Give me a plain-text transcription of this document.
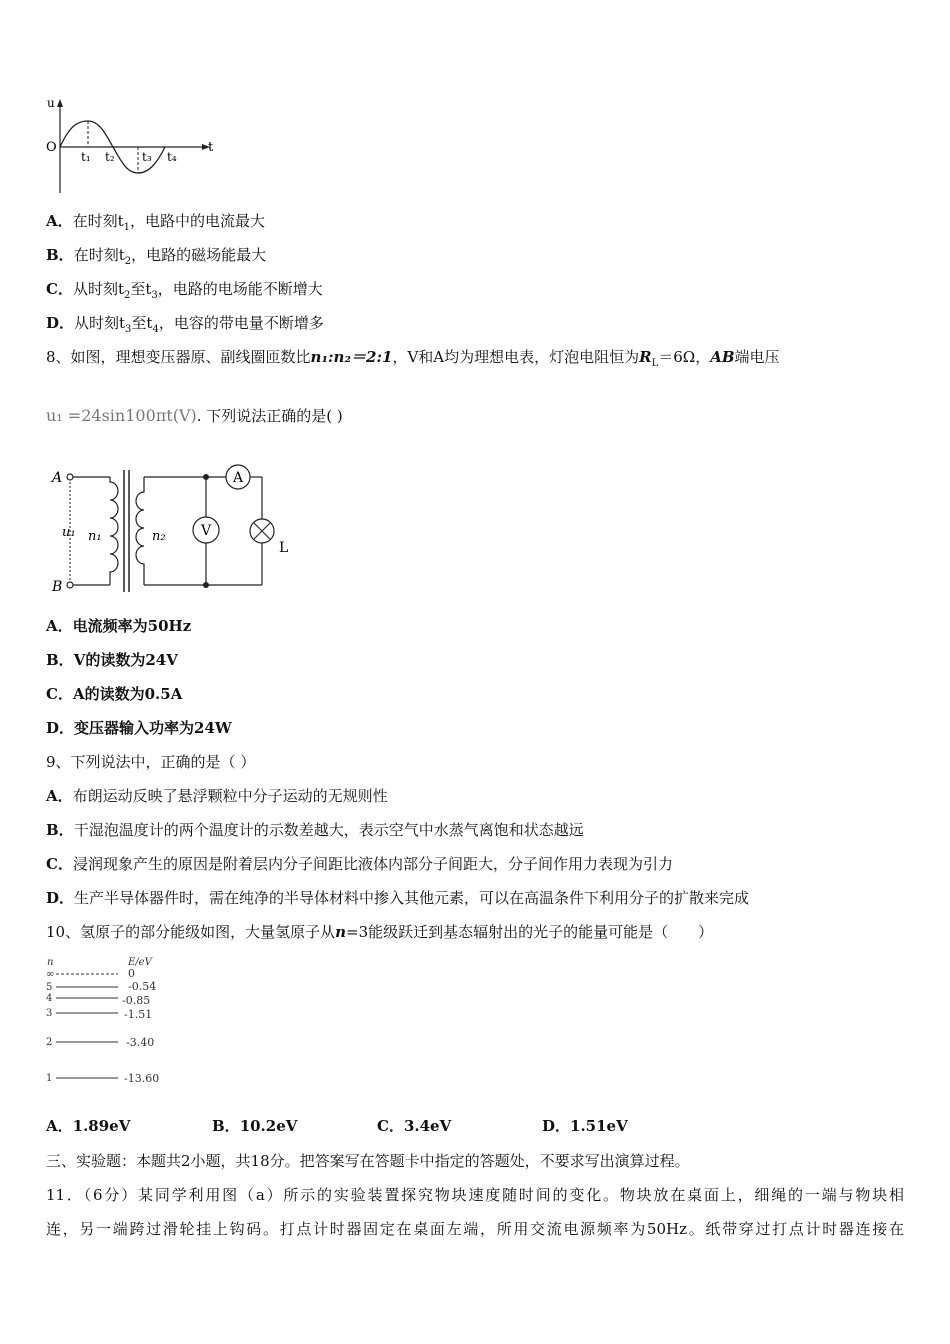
u
O	t
t₁ t₂ t₃ t₄
A．在时刻$t_1$，电路中的电流最大
B．在时刻$t_2$，电路的磁场能最大
C．从时刻$t_2$至$t_3$，电路的电场能不断增大
D．从时刻$t_3$至$t_4$，电容的带电量不断增多
8、如图，理想变压器原、副线圈匝数比n₁:n₂＝2:1，V和A均为理想电表，灯泡电阻恒为$R_L=6\Omega$，AB端电压
u₁ =24sin100πt(V). 下列说法正确的是( )
A
B
u₁ n₁	n₂
A
L
V
A．电流频率为50Hz
B．V的读数为24V
C．A的读数为0.5A
D．变压器输入功率为24W
9、下列说法中，正确的是（ ）
A．布朗运动反映了悬浮颗粒中分子运动的无规则性
B．干湿泡温度计的两个温度计的示数差越大，表示空气中水蒸气离饱和状态越远
C．浸润现象产生的原因是附着层内分子间距比液体内部分子间距大，分子间作用力表现为引力
D．生产半导体器件时，需在纯净的半导体材料中掺入其他元素，可以在高温条件下利用分子的扩散来完成
10、氢原子的部分能级如图，大量氢原子从n=3能级跃迁到基态辐射出的光子的能量可能是（　　）
n	E/eV
∞	0
5	-0.54
4	-0.85
3	-1.51
2	-3.40
1	-13.60
A．1.89eV	B．10.2eV	C．3.4eV	D．1.51eV
三、实验题：本题共2小题，共18分。把答案写在答题卡中指定的答题处，不要求写出演算过程。
11．（6分）某同学利用图（a）所示的实验装置探究物块速度随时间的变化。物块放在桌面上，细绳的一端与物块相
连，另一端跨过滑轮挂上钩码。打点计时器固定在桌面左端，所用交流电源频率为50Hz。纸带穿过打点计时器连接在
